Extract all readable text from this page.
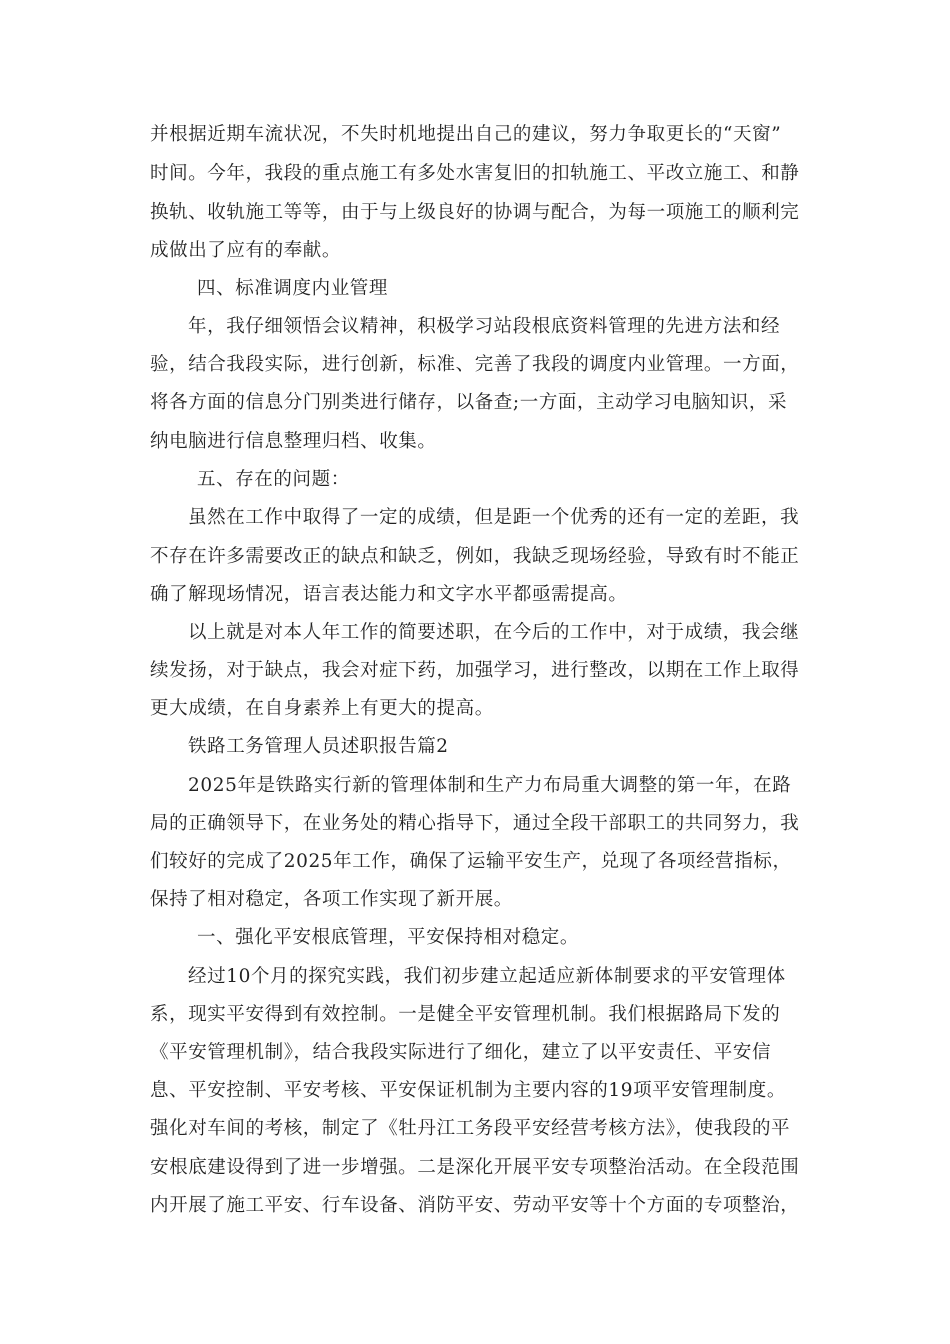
并根据近期车流状况，不失时机地提出自己的建议，努力争取更长的“天窗”

时间。今年，我段的重点施工有多处水害复旧的扣轨施工、平改立施工、和静

换轨、收轨施工等等，由于与上级良好的协调与配合，为每一项施工的顺利完

成做出了应有的奉献。

四、标准调度内业管理

年，我仔细领悟会议精神，积极学习站段根底资料管理的先进方法和经

验，结合我段实际，进行创新，标准、完善了我段的调度内业管理。一方面，

将各方面的信息分门别类进行储存，以备查;一方面，主动学习电脑知识，采

纳电脑进行信息整理归档、收集。

五、存在的问题：

虽然在工作中取得了一定的成绩，但是距一个优秀的还有一定的差距，我

不存在许多需要改正的缺点和缺乏，例如，我缺乏现场经验，导致有时不能正

确了解现场情况，语言表达能力和文字水平都亟需提高。

以上就是对本人年工作的简要述职，在今后的工作中，对于成绩，我会继

续发扬，对于缺点，我会对症下药，加强学习，进行整改，以期在工作上取得

更大成绩，在自身素养上有更大的提高。

铁路工务管理人员述职报告篇2

2025年是铁路实行新的管理体制和生产力布局重大调整的第一年，在路

局的正确领导下，在业务处的精心指导下，通过全段干部职工的共同努力，我

们较好的完成了2025年工作，确保了运输平安生产，兑现了各项经营指标，

保持了相对稳定，各项工作实现了新开展。

一、强化平安根底管理，平安保持相对稳定。

经过10个月的探究实践，我们初步建立起适应新体制要求的平安管理体

系，现实平安得到有效控制。一是健全平安管理机制。我们根据路局下发的

《平安管理机制》，结合我段实际进行了细化，建立了以平安责任、平安信

息、平安控制、平安考核、平安保证机制为主要内容的19项平安管理制度。

强化对车间的考核，制定了《牡丹江工务段平安经营考核方法》，使我段的平

安根底建设得到了进一步增强。二是深化开展平安专项整治活动。在全段范围

内开展了施工平安、行车设备、消防平安、劳动平安等十个方面的专项整治，
